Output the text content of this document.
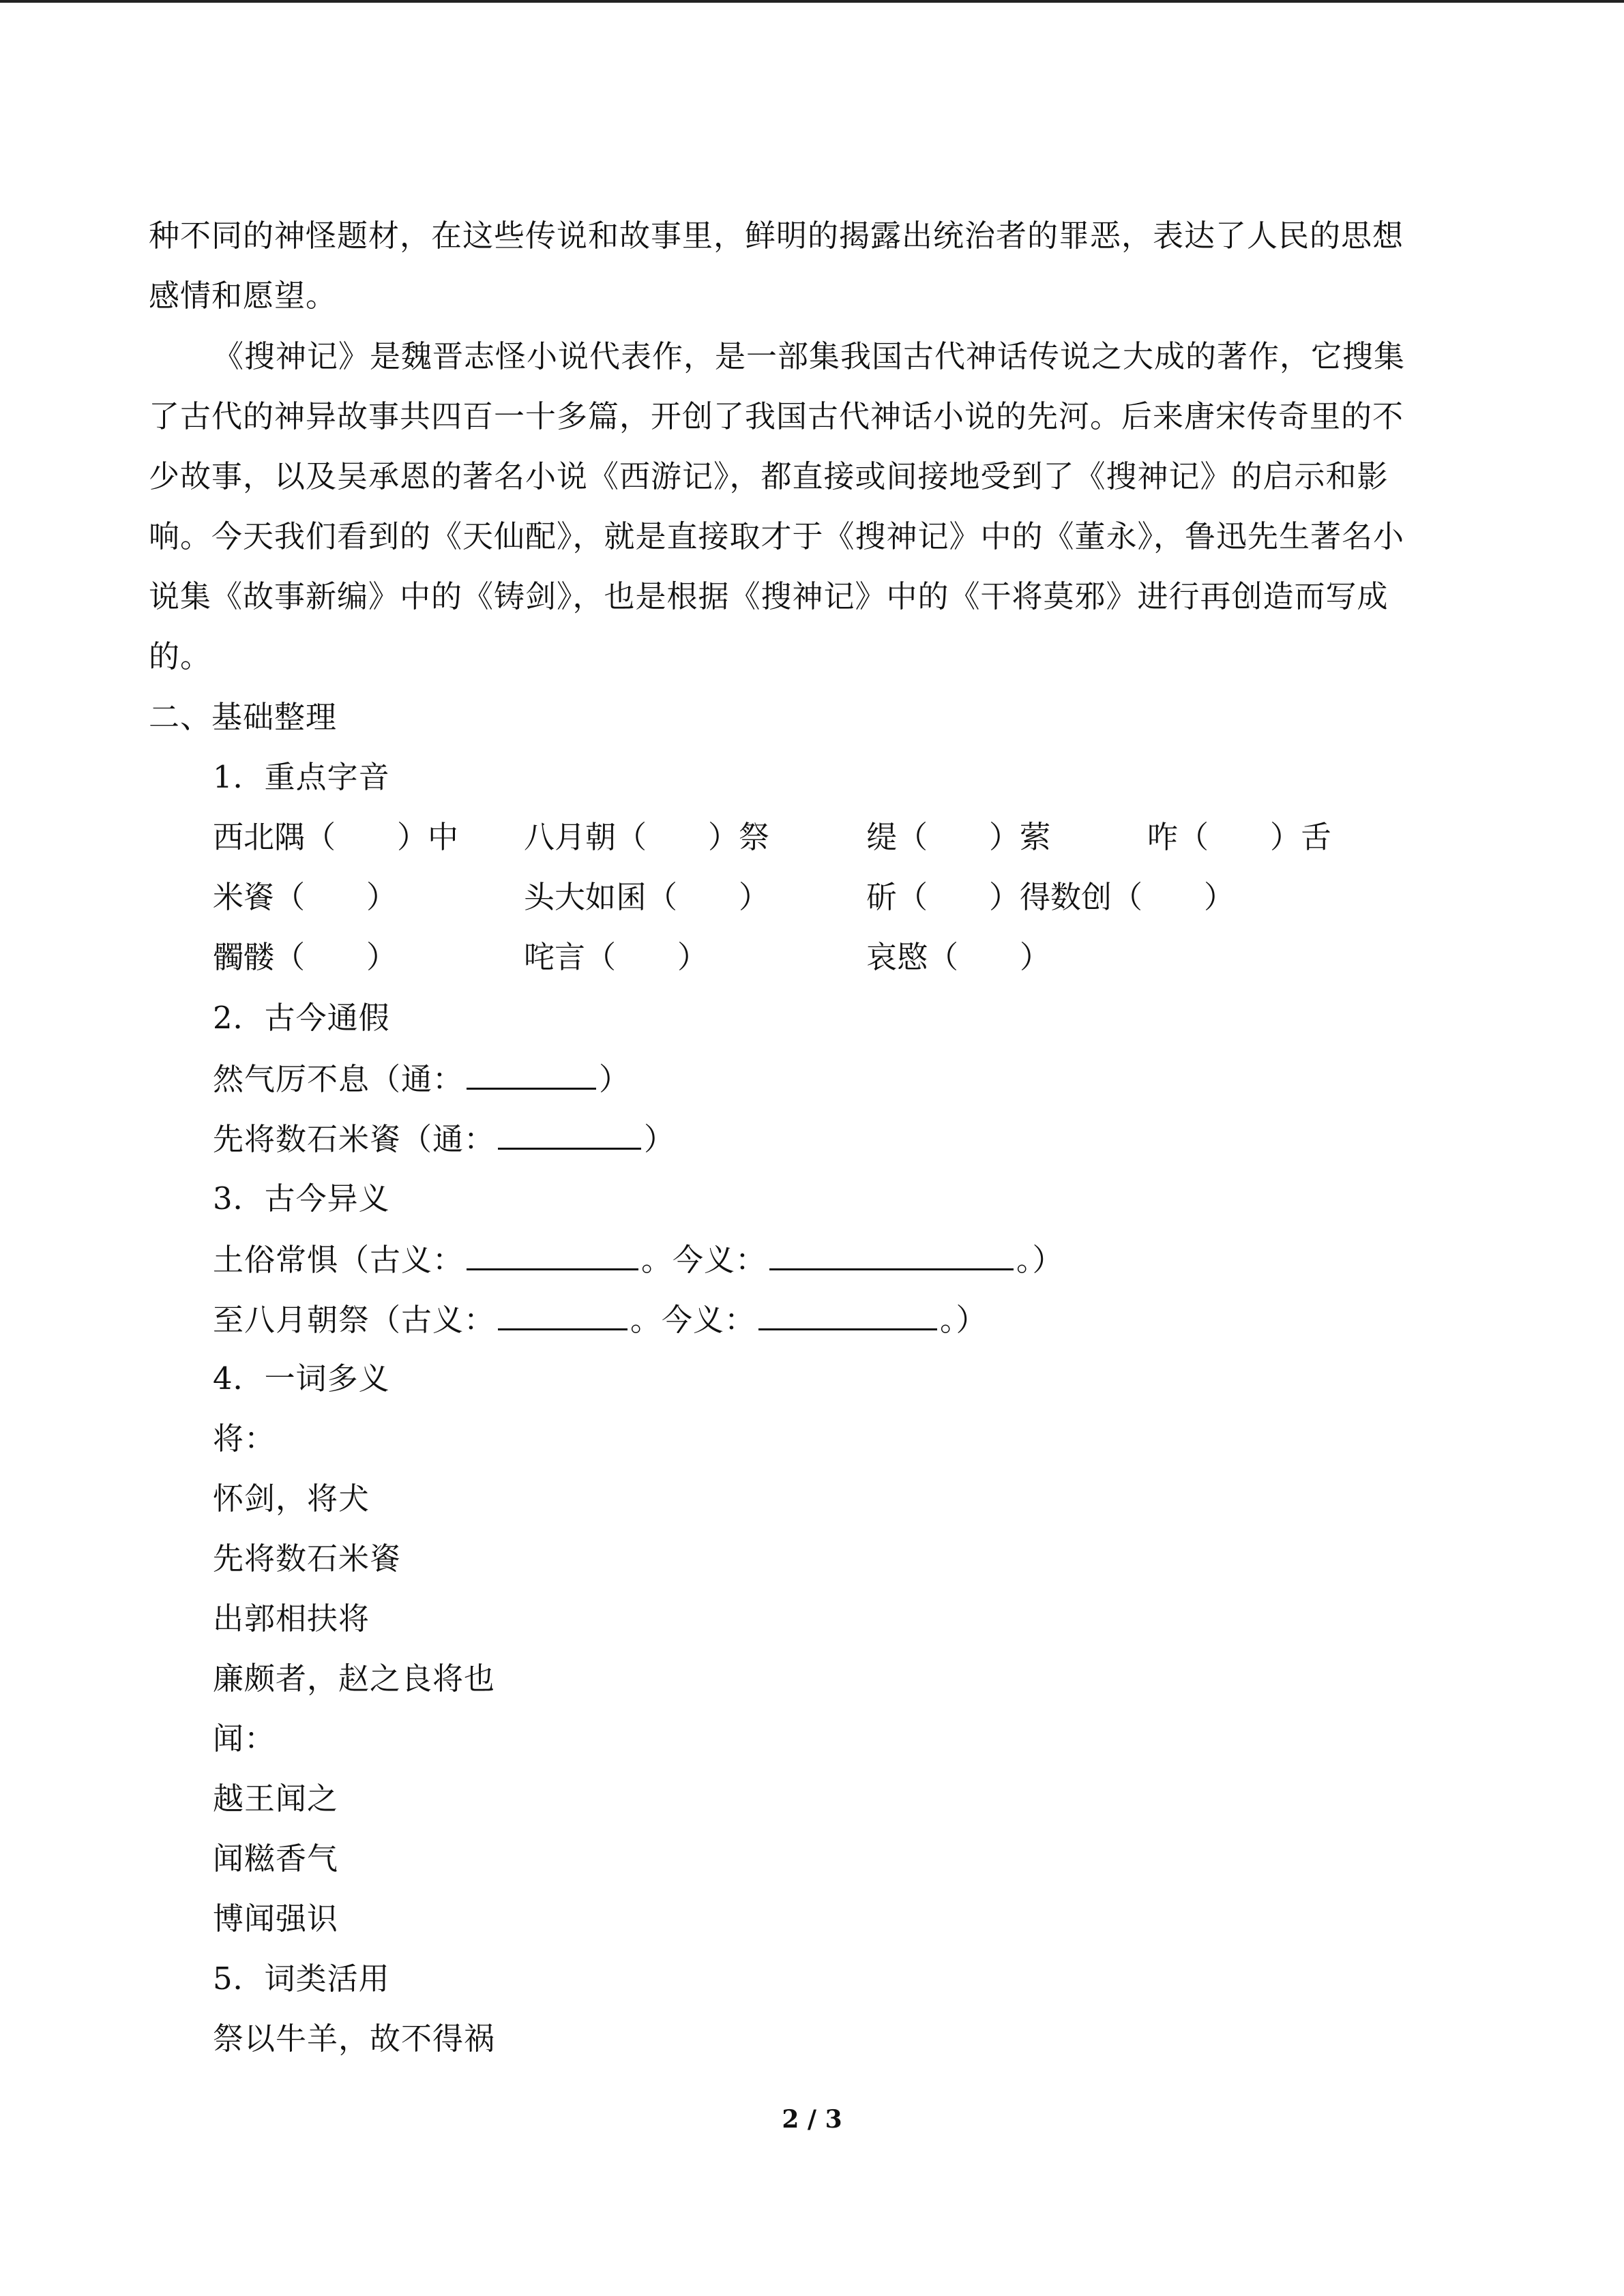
种不同的神怪题材，在这些传说和故事里，鲜明的揭露出统治者的罪恶，表达了人民的思想
感情和愿望。
《搜神记》是魏晋志怪小说代表作，是一部集我国古代神话传说之大成的著作，它搜集
了古代的神异故事共四百一十多篇，开创了我国古代神话小说的先河。后来唐宋传奇里的不
少故事，以及吴承恩的著名小说《西游记》，都直接或间接地受到了《搜神记》的启示和影
响。今天我们看到的《天仙配》，就是直接取才于《搜神记》中的《董永》，鲁迅先生著名小
说集《故事新编》中的《铸剑》，也是根据《搜神记》中的《干将莫邪》进行再创造而写成
的。
二、基础整理
1．重点字音
西北隅（　　）中 八月朝（　　）祭	缇（　　）萦	咋（　　）舌
米餈（　　）	头大如囷（　　）	斫（　　）得数创（　　）
髑髅（　　）	咤言（　　）	哀愍（　　）
2．古今通假
然气厉不息（通：	）
先将数石米餈（通：	）
3．古今异义
土俗常惧（古义：	。今义：	。）
至八月朝祭（古义：	。今义：	。）
4．一词多义
将：
怀剑，将犬
先将数石米餈
出郭相扶将
廉颇者，赵之良将也
闻：
越王闻之
闻糍香气
博闻强识
5．词类活用
祭以牛羊，故不得祸
2 / 3
